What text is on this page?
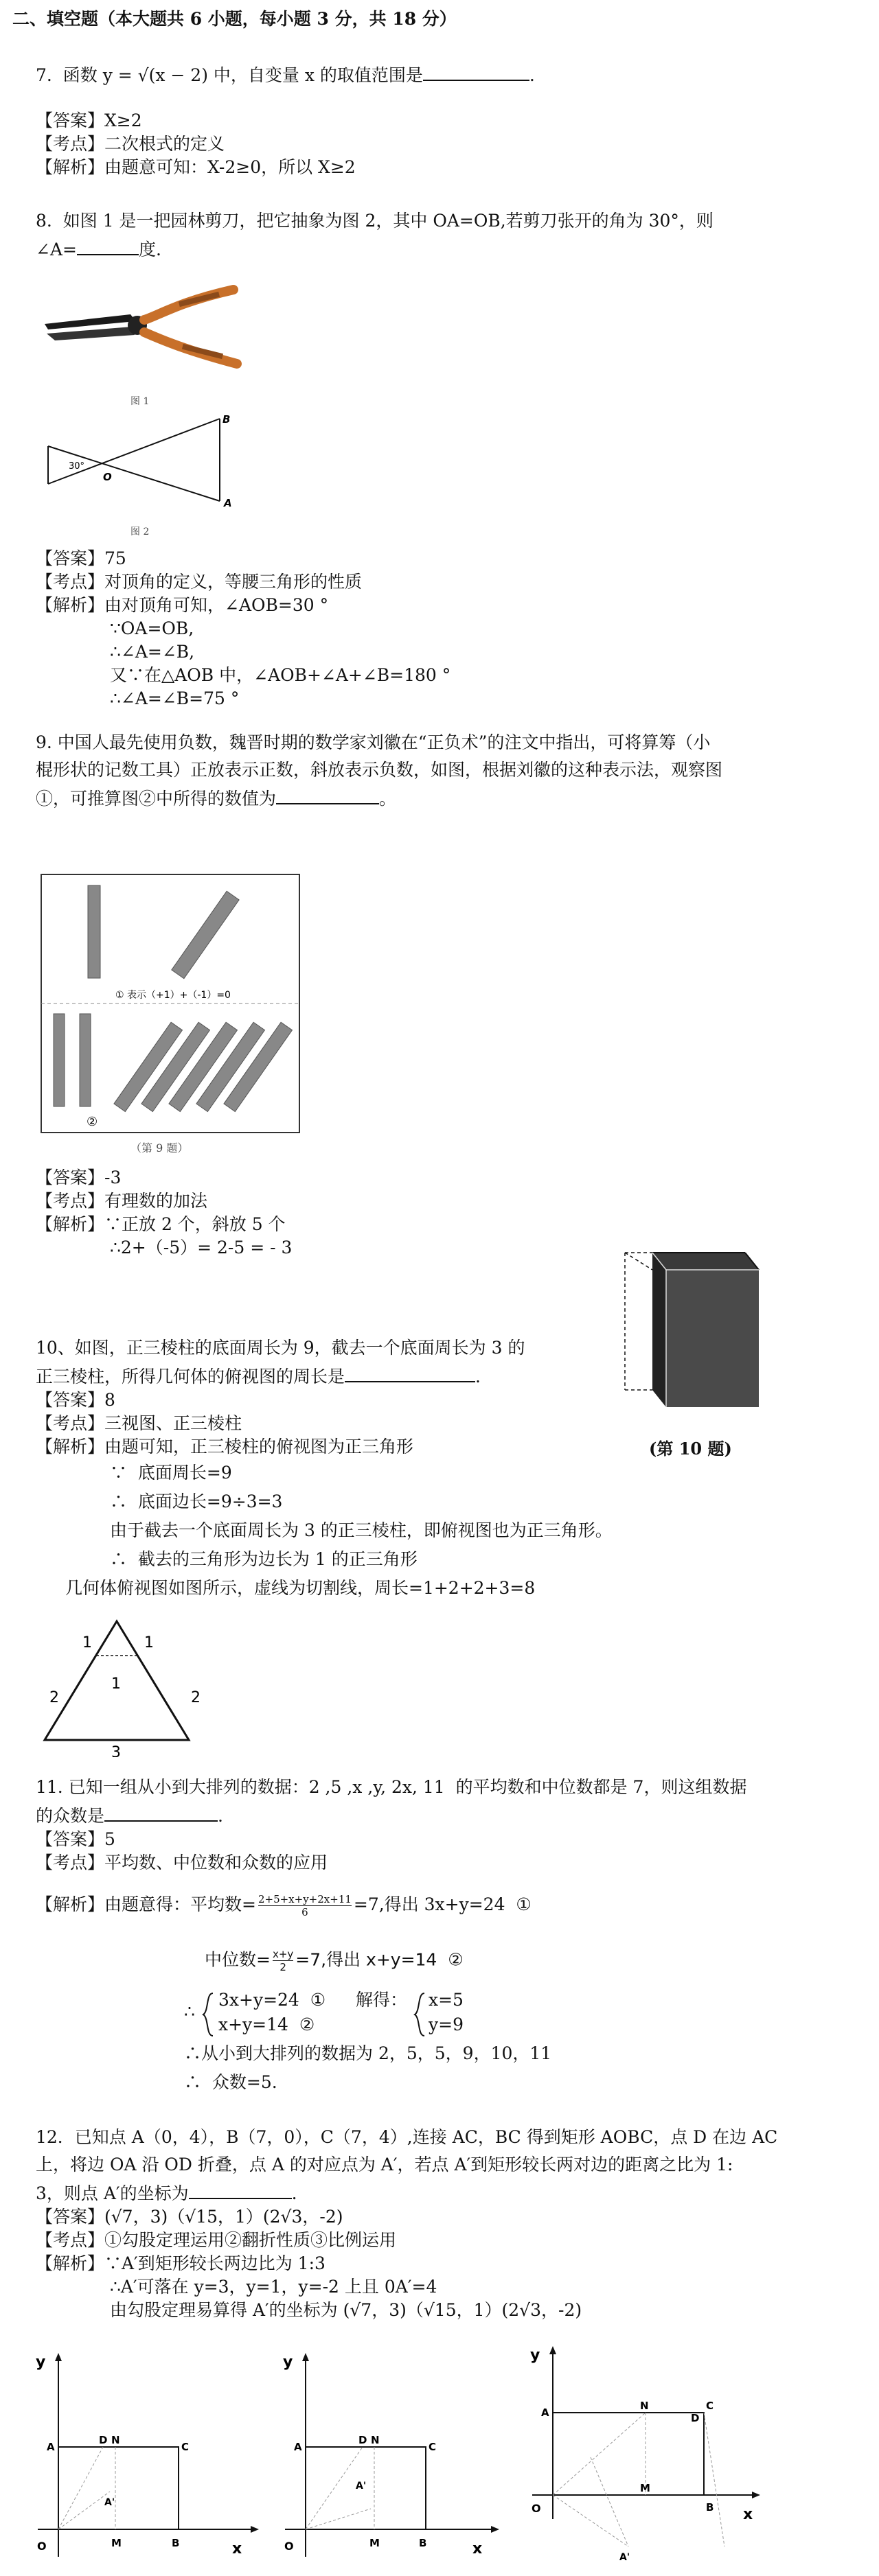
二、填空题（本大题共 6 小题，每小题 3 分，共 18 分）
7.  函数 y = √(x − 2) 中，自变量 x 的取值范围是	.
【答案】X≥2
【考点】二次根式的定义
【解析】由题意可知：X-2≥0，所以 X≥2
8.  如图 1 是一把园林剪刀，把它抽象为图 2，其中 OA=OB,若剪刀张开的角为 30°，则
∠A=	度.
图 1
30°
O
A
B
图 2
【答案】75
【考点】对顶角的定义，等腰三角形的性质
【解析】由对顶角可知，∠AOB=30 °
∵OA=OB,
∴∠A=∠B,
又∵在△AOB 中，∠AOB+∠A+∠B=180 °
∴∠A=∠B=75 °
9. 中国人最先使用负数，魏晋时期的数学家刘徽在“正负术”的注文中指出，可将算筹（小
棍形状的记数工具）正放表示正数，斜放表示负数，如图，根据刘徽的这种表示法，观察图
①，可推算图②中所得的数值为	。
① 表示（+1）+（-1）=0
②
（第 9 题）
【答案】-3
【考点】有理数的加法
【解析】∵正放 2 个，斜放 5 个
∴2+（-5）= 2-5 = - 3
(第 10 题)
10、如图，正三棱柱的底面周长为 9，截去一个底面周长为 3 的
正三棱柱，所得几何体的俯视图的周长是	.
【答案】8
【考点】三视图、正三棱柱
【解析】由题可知，正三棱柱的俯视图为正三角形
∵  底面周长=9
∴  底面边长=9÷3=3
由于截去一个底面周长为 3 的正三棱柱，即俯视图也为正三角形。
∴  截去的三角形为边长为 1 的正三角形
几何体俯视图如图所示，虚线为切割线，周长=1+2+2+3=8
1	1
1
2	2
3
11. 已知一组从小到大排列的数据：2 ,5 ,x ,y, 2x, 11  的平均数和中位数都是 7，则这组数据
的众数是	.
【答案】5
【考点】平均数、中位数和众数的应用
【解析】由题意得：平均数= $\frac{2+5+x+y+2x+11}{6} =7$,得出 3x+y=24  ①
中位数= $\frac{x+y}{2} =7$,得出 x+y=14  ②
∴
3x+y=24  ①
x+y=14  ②
解得： x=5
y=9
∴从小到大排列的数据为 2，5，5，9，10，11
∴  众数=5.
12．已知点 A（0，4），B（7，0），C（7，4）,连接 AC，BC 得到矩形 AOBC，点 D 在边 AC
上，将边 OA 沿 OD 折叠，点 A 的对应点为 A′，若点 A′到矩形较长两对边的距离之比为 1:
3，则点 A′的坐标为	.
【答案】(√7，3)（√15，1）(2√3，-2)
【考点】①勾股定理运用②翻折性质③比例运用
【解析】∵A′到矩形较长两边比为 1:3
∴A′可落在 y=3，y=1，y=-2 上且 0A′=4
由勾股定理易算得 A′的坐标为 (√7，3)（√15，1）(2√3，-2)
y
x
O
A
B
C
D N
M
A'
y
x
O
A
B
C
D N
M
A'
y
x
O
A
B
C
D
N
M
A'
